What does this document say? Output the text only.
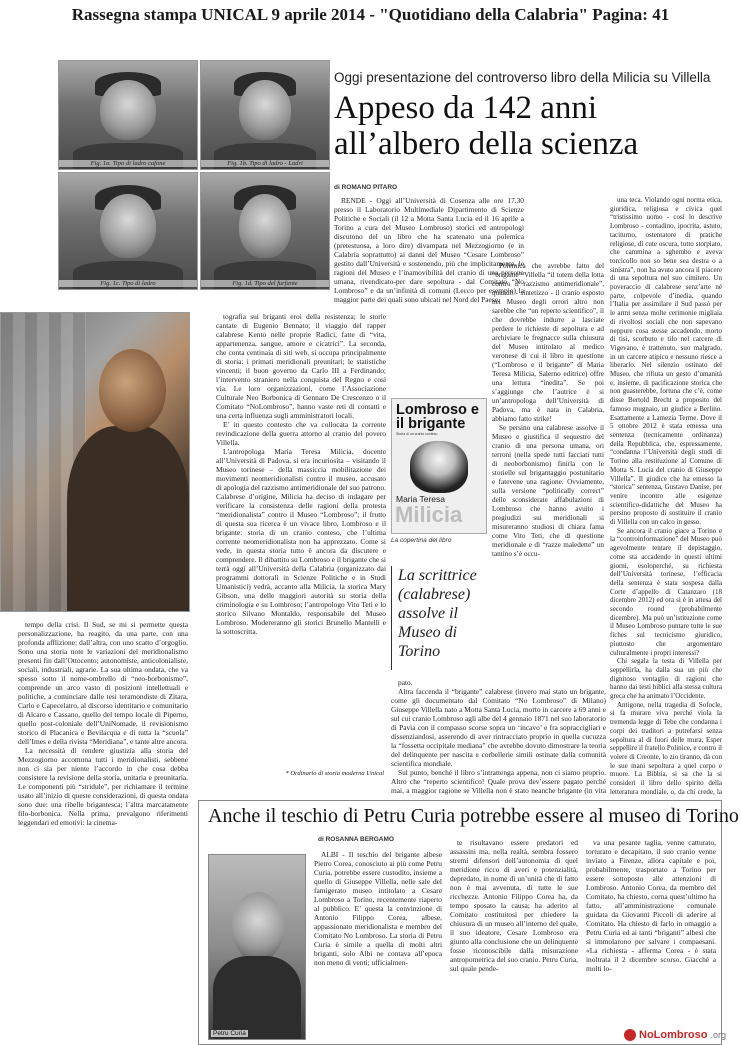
Rassegna stampa UNICAL 9 aprile 2014 - "Quotidiano della Calabria" Pagina: 41
Fig. 1a. Tipo di ladro cafone	Fig. 1b. Tipo di ladro - Ladri
Fig. 1c. Tipo di ladro	Fig. 1d. Tipo del furfante
Oggi presentazione del controverso libro della Milicia su Villella
Appeso da 142 anni all’albero della scienza
di ROMANO PITARO

RENDE - Oggi all’Università di Cosenza alle ore 17.30 presso il Laboratorio Multimediale Dipartimento di Scienze Politiche e Sociali (il 12 a Motta Santa Lucia ed il 16 aprile a Torino a cura del Museo Lombroso) storici ed antropologi discutono del un libro che ha scatenato una polemica (pretestuosa, a loro dire) divampata nel Mezzogiorno (e in Calabria soprattutto) ai danni del Museo “Cesare Lombroso” gestito dall’Università e sostenendo, più che implicitamente, le ragioni del Museo e l’inamovibilità del cranio di una persona umana, rivendicato-per dare sepoltura - dal Comitato “No Lombroso” e da un’infinità di comuni (Lecco per esempio) la maggior parte dei quali sono ubicati nel Nord del Paese.

Polemica che avrebbe fatto del “brigante” Villella “il totem della lotta contro il razzismo antimeridionale”, quando - sintetizzo - il cranio esposto nel Museo degli orrori altro non sarebbe che “un reperto scientifico”, il che dovrebbe indurre a lasciate perdere le richieste di sepoltura e ad archiviare le fregnacce sulla chiusura del Museo intitolato al medico veronese di cui il libro in questione (“Lombroso e il brigante” di Maria Teresa Milicia, Salerno editrice) offre una lettura “inedita”. Se poi s’aggiunge che l’autrice è si un’antropologa dell’Università di Padova, ma è nata in Calabria, abbiamo fatto strike!

Se persino una calabrese assolve il Museo e giustifica il sequestro del cranio di una persona umana, ori terroni (nella spede tutti facciati tutti di neoborbonismo) finirla con le storielle sul brigantaggio postunitario e fatevene una ragione. Ovviamente, sulla versione “politically correct” delle sconsiderate affabulazioni di Lombroso che hanno avuito i pregiudizi sui meridionali si misureranno studiosi di chiara fama come Vito Teti, che di questione meridionale e di “razze maledette” un tantino s’è occu-

una teca. Violando ogni norma etica, giuridica, religiosa e civica quel “tristissimo uomo - così lo descrive Lombroso - contadino, ipocrita, astuto, taciturno, ostentatore di pratiche religiose, di cute oscura, tutto storpiato, che cammina a sghembo e aveva torcicollo non so bene sea destra o a sinistra”, non ha avuto ancora il piacere di una sepoltura nel suo cimitero. Un poveraccio di calabrese senz’arte né parte, colpevole d’inedia, quando l’Italia per assimilare il Sud passò per le armi senza molte cerimonie migliaia di rivoltosi sociali che non sapevano neppure cosa stesse accadendo, morto di tisi, scorbuto e tifo nel carcere di Vigevano, è trattenuto, suo malgrado, in un carcere atipico e nessuno riesce a liberarlo. Nel silenzio ostinato del Museo, che rifiuta un gesto d’umanità e, insieme, di pacificazione storica che non guasterebbe, fortuna che c’è, come disse Bertold Brecht a proposito del famoso mugnaio, un giudice a Berlino. Esattamente a Lamezia Terme. Dove il 5 ottobre 2012 è stata emessa una sentenza (tecnicamente ordinanza) della Repubblica, che, espressamente, “condanna l’Università degli studi di Torino alla restituzione al Comune di Motta S. Lucia del cranio di Giuseppe Villella”. Il giudice che ha emesso la “storica” sentenza, Gustavo Danise, per venire incontro alle esigenze scientifico-didattiche del Museo ha persino proposto di sostituire il cranio di Villella con un calco in gesso.

Se ancora il cranio giace a Torino e la “controinformazione” del Museo può agevolmente tentare il depistaggio, come sta accadendo in questi ultimi giorni, esoloperché, su richiesta dell’Università torinese, l’efficacia della sentenza è stata sospesa dalla Corte d’appello di Catanzaro (18 dicembre 2012) ed ora si è in attesa del secondo round (probabilmente dicembre). Ma può un’istituzione come il Museo Lombroso puntare tutte le sue fiches sul tecnicismo giuridico, piuttosto che argomentare culturalmente i propri interessi?

Chi segala la testa di Villella per seppellirla, ha dalla sua un più che dignitoso ventaglio di ragioni che hanno dai testi biblici alla stessa cultura greca che ha animato l’Occidente.

Antigone, nella tragedia di Sofocle, si fa murare viva perché viola la tremenda legge di Tebe che condanna i corpi dei traditori a putrefarsi senza sepoltura al di fuori delle mura. Esper seppellire il fratello Polinice, e contro il volere di Creonte, lo zio tiranno, dà con le sue mani sepoltura a quel corpo e muore. La Bibbia, si sa che la si consideri il libro dello spirito della letteratura mondiale, o, da chi crede, la

tempo della crisi. Il Sud, se mi si permette questa personalizzazione, ha reagito, da una parte, con una profonda afflizione; dall’altra, con uno scatto d’orgoglio. Sono una storia note le variazioni del meridionalismo presenti fin dall’Ottocento; autonomiste, anticolonialiste, sociali, industriali, agrarie. La sua ultima ondata, che va spesso sotto il nome-ombrello di “neo-borbonismo”, comprende un arco vasto di posizioni intellettuali e politiche, a cominciare dalle tesi teramondiste di Zitara, Carlo e Capecelatro, al discorso identitario e comunitario di Alcaro e Cassano, quello del tempo locale di Piperno, quello post-coloniale dell’UniNomade, il revisionismo storico di Placanica e Bevilacqua e di tutta la “scuola” dell’Imes e della rivista “Meridiana”, e tante altre ancora.

La necessità di rendere giustizia alla storia del Mezzogiorno accomuna tutti i meridionalisti, sebbene non ci sia per niente l’accordo in che cosa debba consistere la revisione della storia, unitaria e preunitaria. Le componenti più “stridule”, per richiamare il termine usato all’inizio di queste considerazioni, di questa ondata sono due: una ribelle brigantesca; l’altra marcatamente filo-borbonica. Nella prima, prevalgono riferimenti leggendari ed emotivi: la cinema-

tografia sui briganti eroi della resistenza; le storie cantate di Eugenio Bennato; il viaggio del rapper calabrese Kento nelle proprie Radici, fatte di “vita, appartenenza, sangue, amore e cicatrici”. La seconda, che conta centinaia di siti web, si occupa principalmente di storia: i primati meridionali preunitari; le statistiche vincenti; il buon governo da Carlo III a Ferdinando; l’intervento straniero nella conquista del Regno e così via. Le loro organizzazioni, come l’Associazione Culturale Neo Borbonica di Gennaro De Crescenzo o il Comitato “NoLombroso”, hanno vaste reti di contatti e una certa influenza sugli amministratori locali.

E’ in questo contesto che va collocata la corrente revindicazione della guerra attorno al cranio del povero Villella.

L’antropologa Maria Teresa Milicia, docente all’Università di Padova, si era incuriosita – visitando il Museo torinese – della massiccia mobilitazione dei movimenti neomeridionalisti contro il museo, accusato di apologia del razzismo antimeridionale del suo patrono. Calabrese d’origine, Milicia ha deciso di indagare per verificare la consistenza delle ragioni della protesta “meridionalista” contro il Museo “Lombroso”; il frutto di questa sua ricerca è un vivace libro, Lombroso e il brigante: storia di un cranio conteso, che l’ultima corrente neomeridionalista non ha apprezzato. Come si vede, in questa storia tutto è ancora da discutere e comprendere. Il dibattito su Lombroso e il brigante che si terrà oggi all’Università della Calabria (organizzato dai programmi dottorali in Scienze Politiche e in Studi Umanistici) vedrà, accanto alla Milicia, la storica Mary Gibson, una delle maggiori autorità su storia della criminologia e su Lombroso; l’antropologo Vito Teti e lo storico Silvano Montaldo, responsabile del Museo Lombroso. Modereranno gli storici Brunello Mantelli e la sottoscritta.

* Ordinario di storia moderna Unical
Lombroso e il brigante
Storia di un cranio conteso
Maria Teresa
Milicia
La copertina del libro
La scrittrice (calabrese) assolve il Museo di Torino

pato.

Altra faccenda il “brigante” calabrese (invero mai stato un brigante, come gli documentato dal Comitato “No Lombroso” di Milano) Giuseppe Villella nato a Motta Santa Lucia, morto in carcere a 69 anni e sul cui cranio Lombroso agli albe del 4 gennaio 1871 nel suo laboratorio di Pavia con il compasso scorse sopra un ‘incavo’ e fra sopraccigliari e dissenziandosi, asserendo di aver rintracciato proprio in quella cucuzza la “fossetta occipitale mediana” che avrebbe dovuto dimostrare la teoria del delinquente per nascita e corbellerie simili ostinate dalla comunità scientifica mondiale.

Sul punto, benché il libro s’intrattenga appena, non ci siamo proprio. Altro che “reperto scientifico! Quale prova dev’essere pagato perché mai, a maggior ragione se Villella non è stato neanche brigante (in vita

Anche il teschio di Petru Curia potrebbe essere al museo di Torino
di ROSANNA BERGAMO
Petru Curia

ALBI - Il teschio del brigante albese Pietro Corea, conosciuto ai più come Petru Curia, potrebbe essere custodito, insieme a quello di Giuseppe Villella, nelle sale del famigerato museo intitolato a Cesare Lombroso a Torino, recentemente riaperto al pubblico. E’ questa la convinzione di Antonio Filippo Corea, albese, appassionato meridionalista e membro del Comitato No Lombroso. La storia di Petru Curia è simile a quella di molti altri briganti, solo Albi ne contava all’epoca non meno di venti; ufficialmen-

te risultavano essere predatori ed assassini ma, nella realtà, sembra fossero stremi difensori dell’autonomia di quel meridione ricco di averi e potenzialità, depredato, in nome di un’unità che di fatto non è mai avvenuta, di tutte le sue ricchezze. Antonio Filippo Corea ha, da tempo sposato la causa; ha aderito al Comitato costituitosi per chiedere la chiusura di un museo all’interno del quale, il suo ideatore, Cesare Lombroso era giunto alla conclusione che un delinquente fosse riconoscibile dalla misurazione antropometrica del suo cranio. Petru Curia, sul quale pende-

va una pesante taglia, venne catturato, torturato e decapitato, il suo cranio venne inviato a Firenze, allora capitale e poi, probabilmente, trasportato a Torino per essere sottoposto alle attenzioni di Lombroso. Antonio Corea, da membro del Comitato, ha chiesto, corna quest’ultimo ha fatto, all’amministrazione comunale guidata da Giovanni Piccoli di aderire al Comitato. Ha chiesto di farlo in omaggio a Petru Curia ed ai tanti “briganti” albesi che si immolarono per salvare i compaesani. «La richiesta - afferma Corea - è stata inoltrata il 2 dicembre scorso. Giacché a molti lo-

NoLombroso .org
